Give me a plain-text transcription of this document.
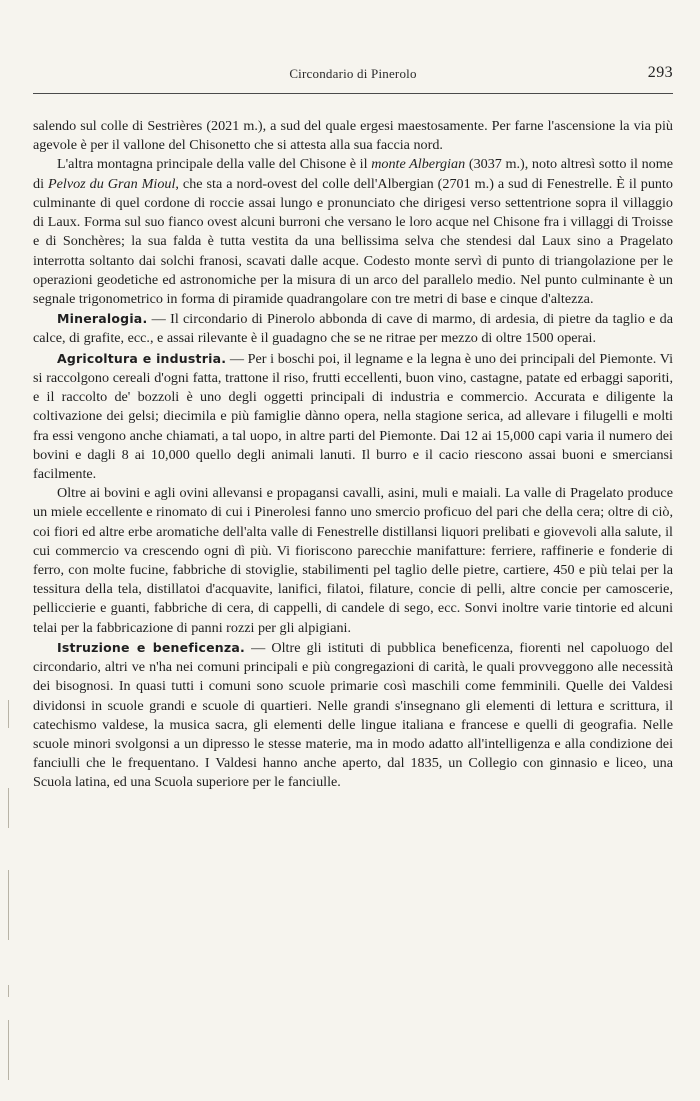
Circondario di Pinerolo	293

salendo sul colle di Sestrières (2021 m.), a sud del quale ergesi maestosamente. Per farne l'ascensione la via più agevole è per il vallone del Chisonetto che si attesta alla sua faccia nord.

L'altra montagna principale della valle del Chisone è il monte Albergian (3037 m.), noto altresì sotto il nome di Pelvoz du Gran Mioul, che sta a nord-ovest del colle dell'Albergian (2701 m.) a sud di Fenestrelle. È il punto culminante di quel cordone di roccie assai lungo e pronunciato che dirigesi verso settentrione sopra il villaggio di Laux. Forma sul suo fianco ovest alcuni burroni che versano le loro acque nel Chisone fra i villaggi di Troisse e di Sonchères; la sua falda è tutta vestita da una bellissima selva che stendesi dal Laux sino a Pragelato interrotta soltanto dai solchi franosi, scavati dalle acque. Codesto monte servì di punto di triangolazione per le operazioni geodetiche ed astronomiche per la misura di un arco del parallelo medio. Nel punto culminante è un segnale trigonometrico in forma di piramide quadrangolare con tre metri di base e cinque d'altezza.

Mineralogia. — Il circondario di Pinerolo abbonda di cave di marmo, di ardesia, di pietre da taglio e da calce, di grafite, ecc., e assai rilevante è il guadagno che se ne ritrae per mezzo di oltre 1500 operai.

Agricoltura e industria. — Per i boschi poi, il legname e la legna è uno dei principali del Piemonte. Vi si raccolgono cereali d'ogni fatta, trattone il riso, frutti eccellenti, buon vino, castagne, patate ed erbaggi saporiti, e il raccolto de' bozzoli è uno degli oggetti principali di industria e commercio. Accurata e diligente la coltivazione dei gelsi; diecimila e più famiglie dànno opera, nella stagione serica, ad allevare i filugelli e molti fra essi vengono anche chiamati, a tal uopo, in altre parti del Piemonte. Dai 12 ai 15,000 capi varia il numero dei bovini e dagli 8 ai 10,000 quello degli animali lanuti. Il burro e il cacio riescono assai buoni e smerciansi facilmente.

Oltre ai bovini e agli ovini allevansi e propagansi cavalli, asini, muli e maiali. La valle di Pragelato produce un miele eccellente e rinomato di cui i Pinerolesi fanno uno smercio proficuo del pari che della cera; oltre di ciò, coi fiori ed altre erbe aromatiche dell'alta valle di Fenestrelle distillansi liquori prelibati e giovevoli alla salute, il cui commercio va crescendo ogni dì più. Vi fioriscono parecchie manifatture: ferriere, raffinerie e fonderie di ferro, con molte fucine, fabbriche di stoviglie, stabilimenti pel taglio delle pietre, cartiere, 450 e più telai per la tessitura della tela, distillatoi d'acquavite, lanifici, filatoi, filature, concie di pelli, altre concie per camoscerie, pelliccierie e guanti, fabbriche di cera, di cappelli, di candele di sego, ecc. Sonvi inoltre varie tintorie ed alcuni telai per la fabbricazione di panni rozzi per gli alpigiani.

Istruzione e beneficenza. — Oltre gli istituti di pubblica beneficenza, fiorenti nel capoluogo del circondario, altri ve n'ha nei comuni principali e più congregazioni di carità, le quali provveggono alle necessità dei bisognosi. In quasi tutti i comuni sono scuole primarie così maschili come femminili. Quelle dei Valdesi dividonsi in scuole grandi e scuole di quartieri. Nelle grandi s'insegnano gli elementi di lettura e scrittura, il catechismo valdese, la musica sacra, gli elementi delle lingue italiana e francese e quelli di geografia. Nelle scuole minori svolgonsi a un dipresso le stesse materie, ma in modo adatto all'intelligenza e alla condizione dei fanciulli che le frequentano. I Valdesi hanno anche aperto, dal 1835, un Collegio con ginnasio e liceo, una Scuola latina, ed una Scuola superiore per le fanciulle.
